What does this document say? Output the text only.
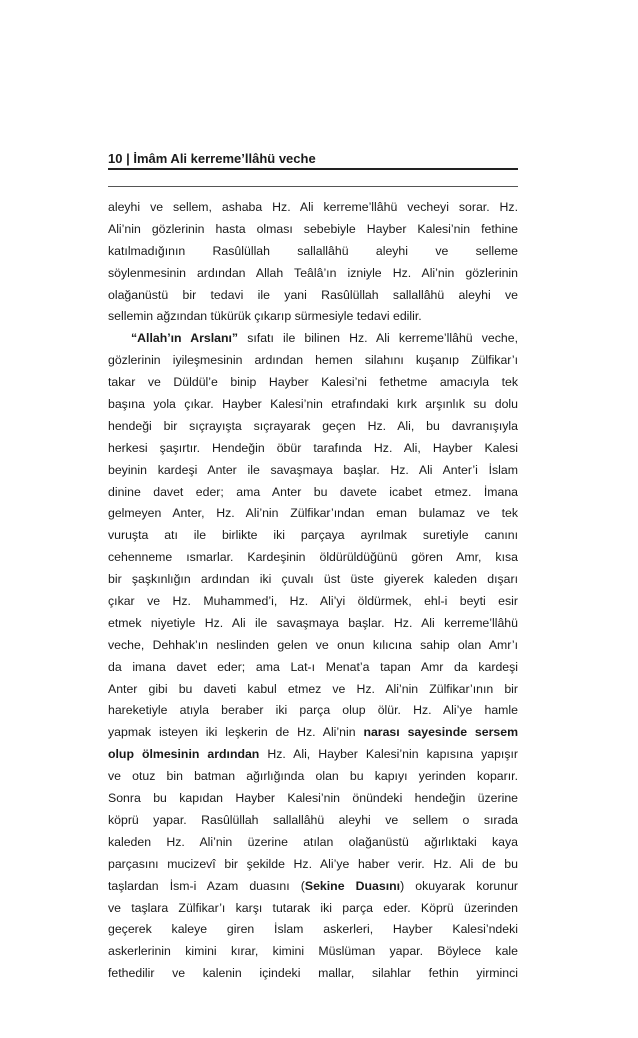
10 | İmâm Ali kerreme’llâhü veche
aleyhi ve sellem, ashaba Hz. Ali kerreme’llâhü vecheyi sorar. Hz.
Ali’nin gözlerinin hasta olması sebebiyle Hayber Kalesi’nin fethine
katılmadığının Rasûlüllah sallallâhü aleyhi ve selleme
söylenmesinin ardından Allah Teâlâ’ın izniyle Hz. Ali’nin gözlerinin
olağanüstü bir tedavi ile yani Rasûlüllah sallallâhü aleyhi ve
sellemin ağzından tükürük çıkarıp sürmesiyle tedavi edilir.
“Allah’ın Arslanı” sıfatı ile bilinen Hz. Ali kerreme’llâhü veche,
gözlerinin iyileşmesinin ardından hemen silahını kuşanıp Zülfikar’ı
takar ve Düldül’e binip Hayber Kalesi’ni fethetme amacıyla tek
başına yola çıkar. Hayber Kalesi’nin etrafındaki kırk arşınlık su dolu
hendeği bir sıçrayışta sıçrayarak geçen Hz. Ali, bu davranışıyla
herkesi şaşırtır. Hendeğin öbür tarafında Hz. Ali, Hayber Kalesi
beyinin kardeşi Anter ile savaşmaya başlar. Hz. Ali Anter’i İslam
dinine davet eder; ama Anter bu davete icabet etmez. İmana
gelmeyen Anter, Hz. Ali’nin Zülfikar’ından eman bulamaz ve tek
vuruşta atı ile birlikte iki parçaya ayrılmak suretiyle canını
cehenneme ısmarlar. Kardeşinin öldürüldüğünü gören Amr, kısa
bir şaşkınlığın ardından iki çuvalı üst üste giyerek kaleden dışarı
çıkar ve Hz. Muhammed’i, Hz. Ali’yi öldürmek, ehl-i beyti esir
etmek niyetiyle Hz. Ali ile savaşmaya başlar. Hz. Ali kerreme’llâhü
veche, Dehhak’ın neslinden gelen ve onun kılıcına sahip olan Amr’ı
da imana davet eder; ama Lat-ı Menat’a tapan Amr da kardeşi
Anter gibi bu daveti kabul etmez ve Hz. Ali’nin Zülfikar’ının bir
hareketiyle atıyla beraber iki parça olup ölür. Hz. Ali’ye hamle
yapmak isteyen iki leşkerin de Hz. Ali’nin narası sayesinde sersem
olup ölmesinin ardından Hz. Ali, Hayber Kalesi’nin kapısına yapışır
ve otuz bin batman ağırlığında olan bu kapıyı yerinden koparır.
Sonra bu kapıdan Hayber Kalesi’nin önündeki hendeğin üzerine
köprü yapar. Rasûlüllah sallallâhü aleyhi ve sellem o sırada
kaleden Hz. Ali’nin üzerine atılan olağanüstü ağırlıktaki kaya
parçasını mucizevî bir şekilde Hz. Ali’ye haber verir. Hz. Ali de bu
taşlardan İsm-i Azam duasını (Sekine Duasını) okuyarak korunur
ve taşlara Zülfikar’ı karşı tutarak iki parça eder. Köprü üzerinden
geçerek kaleye giren İslam askerleri, Hayber Kalesi’ndeki
askerlerinin kimini kırar, kimini Müslüman yapar. Böylece kale
fethedilir ve kalenin içindeki mallar, silahlar fethin yirminci
